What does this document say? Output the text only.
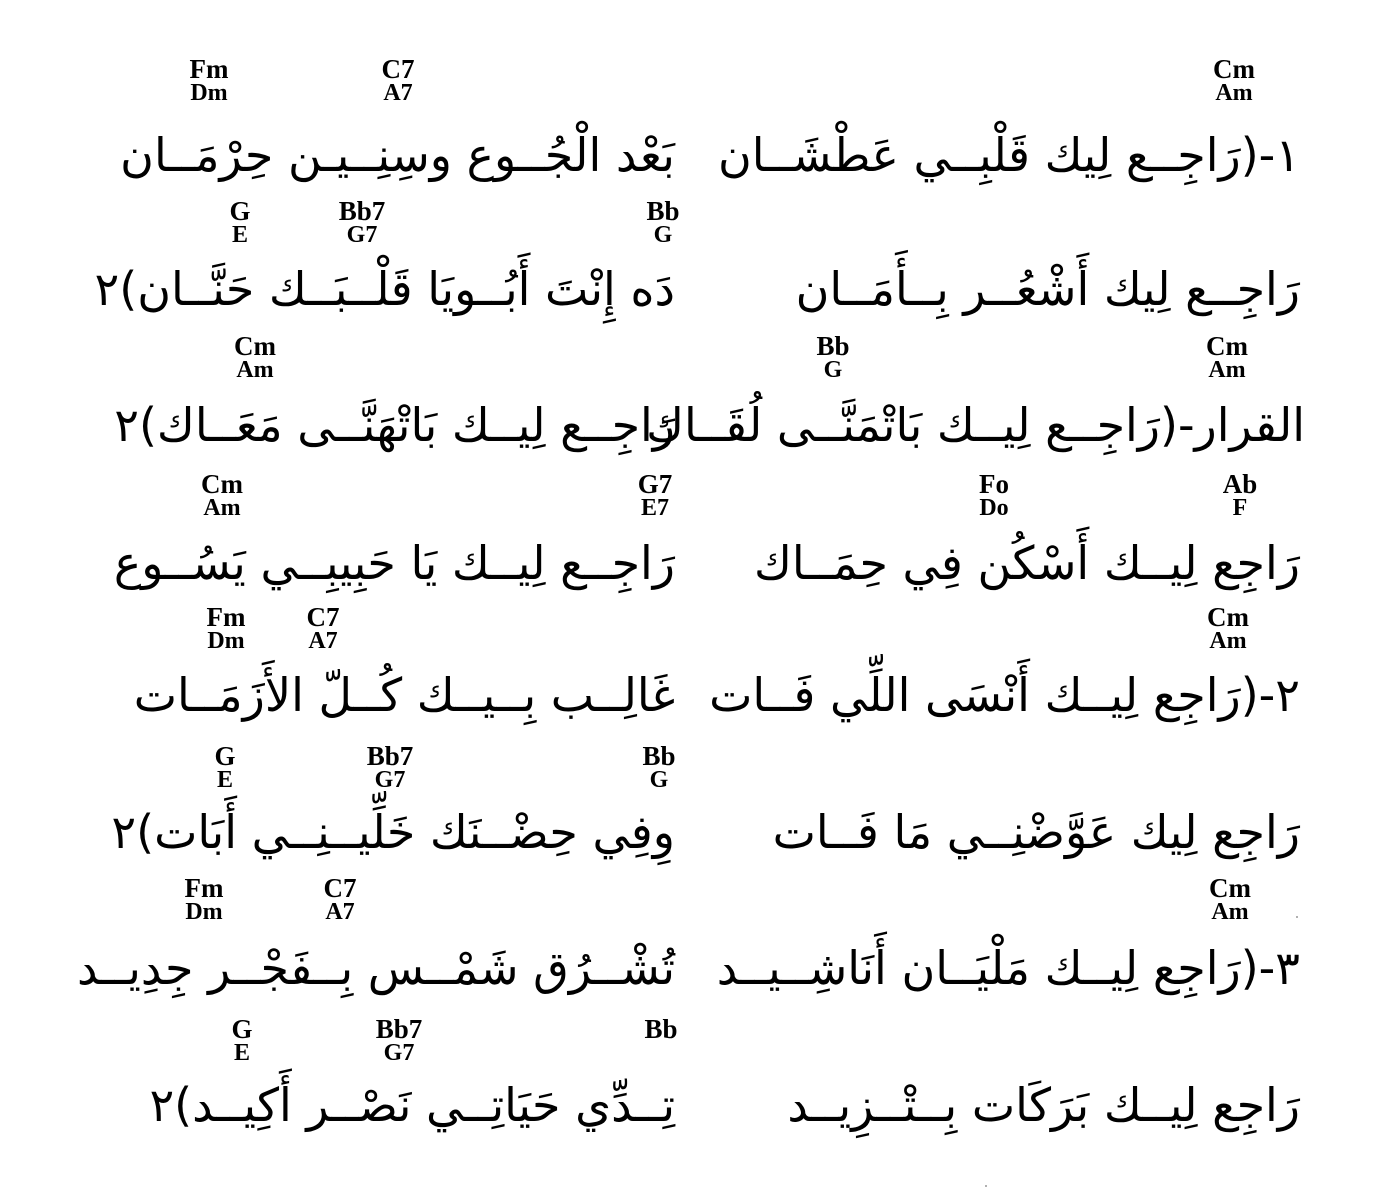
Fm
Dm
C7
A7
Cm
Am
١-(رَاجِــع لِيك قَلْبِــي عَطْشَــان
بَعْد الْجُــوع وسِنِــيـن حِرْمَــان
G
E
Bb7
G7
Bb
G
رَاجِــع لِيك أَشْعُــر بِــأَمَــان
دَه إِنْتَ أَبُــويَا قَلْــبَــك حَنَّــان)٢
Cm
Am
Bb
G
Cm
Am
القرار-(رَاجِــع لِيــك بَاتْمَنَّــى لُقَــاك
رَاجِــع لِيــك بَاتْهَنَّــى مَعَــاك)٢
Cm
Am
G7
E7
Fo
Do
Ab
F
رَاجِع لِيــك أَسْكُن فِي حِمَــاك
رَاجِــع لِيــك يَا حَبِيبِــي يَسُــوع
Fm
Dm
C7
A7
Cm
Am
٢-(رَاجِع لِيــك أَنْسَى اللِّي فَــات
غَالِــب بِــيــك كُــلّ الأَزَمَــات
G
E
Bb7
G7
Bb
G
رَاجِع لِيك عَوَّضْنِــي مَا فَــات
وِفِي حِضْــنَك خَلِّيــنِــي أَبَات)٢
Fm
Dm
C7
A7
Cm
Am
٣-(رَاجِع لِيــك مَلْيَــان أَنَاشِــيــد
تُشْــرُق شَمْــس بِــفَجْــر جِدِيــد
G
E
Bb7
G7
Bb
رَاجِع لِيــك بَرَكَات بِــتْــزِيــد
تِــدِّي حَيَاتِــي نَصْــر أَكِيــد)٢
